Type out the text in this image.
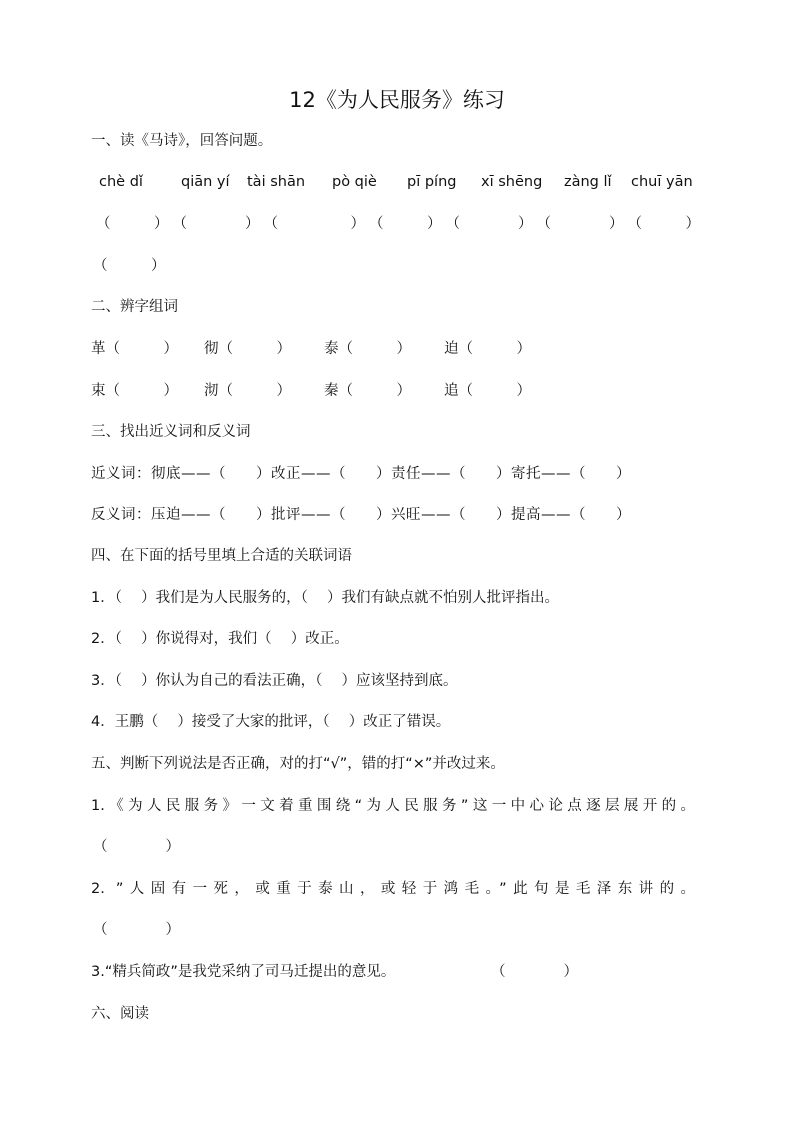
12《为人民服务》练习
一、读《马诗》，回答问题。
chè dǐ	qiān yí	tài shān	pò qiè	pī píng	xī shēng	zàng lǐ	chuī yān
（　　　） （　　　　） （　　　　　） （　　　） （　　　　） （　　　　） （　　　）
（　　　）
二、辨字组词
革（　　　）	彻（　　　）	泰（　　　）	迫（　　　）
束（　　　）	沏（　　　）	秦（　　　）	追（　　　）
三、找出近义词和反义词
近义词：彻底——（　　）改正——（　　）责任——（　　）寄托——（　　）
反义词：压迫——（　　）批评——（　　）兴旺——（　　）提高——（　　）
四、在下面的括号里填上合适的关联词语
1．（　 ）我们是为人民服务的，（　 ）我们有缺点就不怕别人批评指出。
2．（　 ）你说得对，我们（　 ）改正。
3．（　 ）你认为自己的看法正确，（　 ）应该坚持到底。
4．王鹏（　 ）接受了大家的批评，（　 ）改正了错误。
五、判断下列说法是否正确，对的打“√”，错的打“×”并改过来。
1.《为人民服务》一文着重围绕“为人民服务”这一中心论点逐层展开的。
（　　　　）
2. ”人固有一死，或重于泰山，或轻于鸿毛。”此句是毛泽东讲的。
（　　　　）
3.“精兵简政”是我党采纳了司马迁提出的意见。	（　　　　）
六、阅读
